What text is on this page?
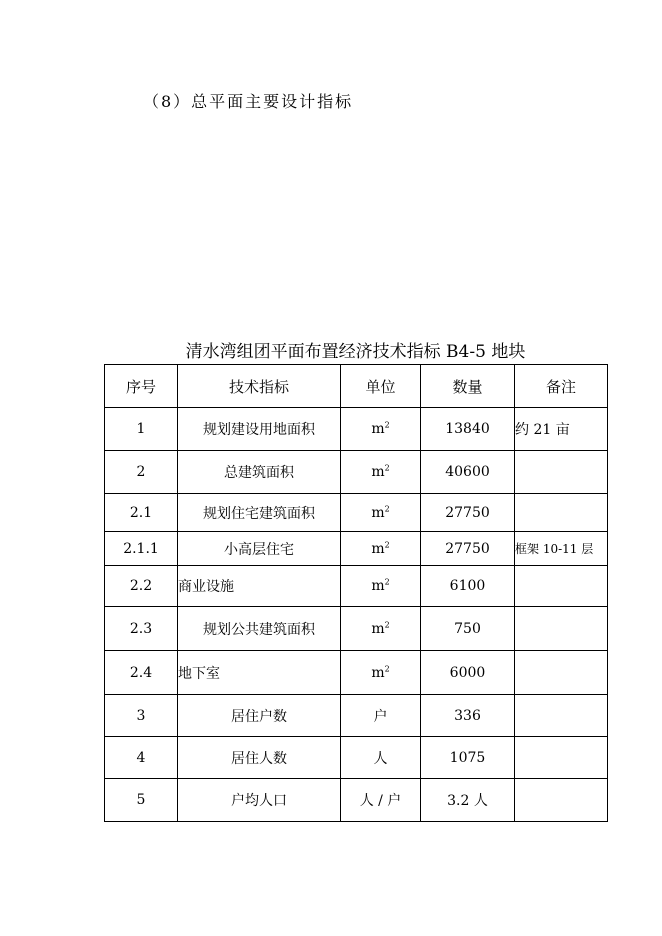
（8）总平面主要设计指标
清水湾组团平面布置经济技术指标 B4-5 地块
序号	技术指标	单位	数量	备注
1	规划建设用地面积	$m^2$	13840	约 21 亩
2	总建筑面积	$m^2$	40600	
2.1	规划住宅建筑面积	$m^2$	27750	
2.1.1	小高层住宅	$m^2$	27750	框架 10-11 层
2.2	商业设施	$m^2$	6100	
2.3	规划公共建筑面积	$m^2$	750	
2.4	地下室	$m^2$	6000	
3	居住户数	户	336	
4	居住人数	人	1075	
5	户均人口	人 / 户	3.2 人	
